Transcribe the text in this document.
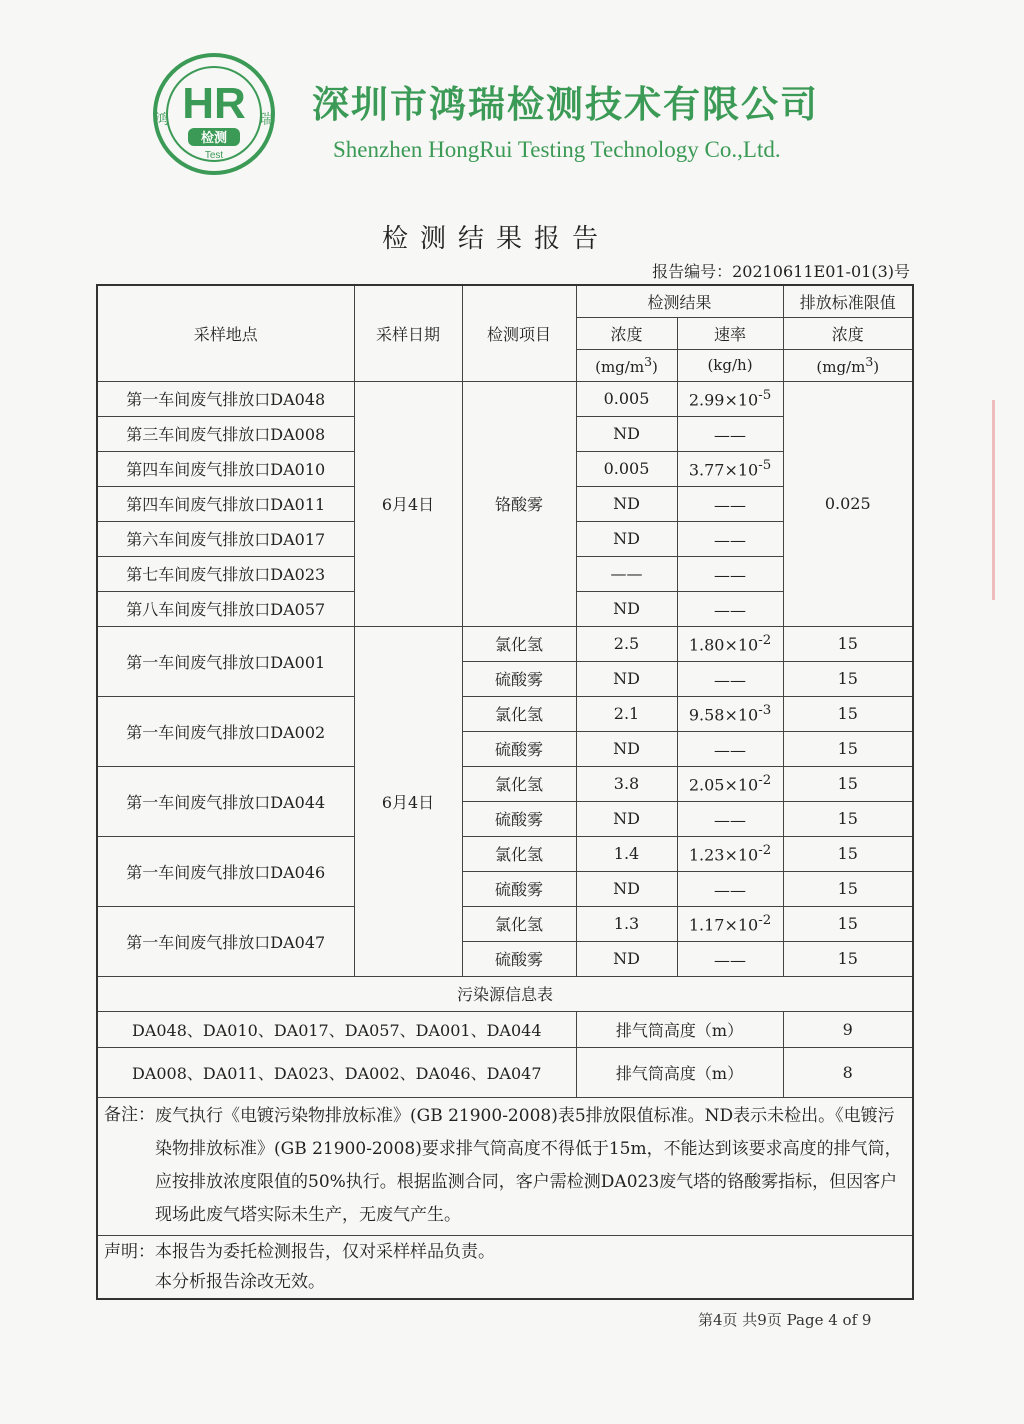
HR
检测
Test
鸿	瑞 深圳市鸿瑞检测技术有限公司
Shenzhen HongRui Testing Technology Co.,Ltd.
检测结果报告
报告编号：20210611E01-01(3)号
采样地点	采样日期	检测项目	检测结果		排放标准限值
			浓度	速率	浓度
			$(mg/m^3)$	(kg/h)	$(mg/m^3)$
第一车间废气排放口DA048	6月4日	铬酸雾	0.005	$2.99\times 10^{-5}$	0.025
第三车间废气排放口DA008			ND	——	
第四车间废气排放口DA010			0.005	$3.77\times 10^{-5}$
第四车间废气排放口DA011			ND	——	
第六车间废气排放口DA017			ND	——	
第七车间废气排放口DA023			——	——	
第八车间废气排放口DA057			ND	——	
第一车间废气排放口DA001	6月4日	氯化氢	2.5	$1.80\times 10^{-2}$	15
		硫酸雾	ND	——	15
第一车间废气排放口DA002		氯化氢	2.1	$9.58\times 10^{-3}$	15
		硫酸雾	ND	——	15
第一车间废气排放口DA044		氯化氢	3.8	$2.05\times 10^{-2}$	15
		硫酸雾	ND	——	15
第一车间废气排放口DA046		氯化氢	1.4	$1.23\times 10^{-2}$	15
		硫酸雾	ND	——	15
第一车间废气排放口DA047		氯化氢	1.3	$1.17\times 10^{-2}$	15
		硫酸雾	ND	——	15
污染源信息表					
DA048、DA010、DA017、DA057、DA001、DA044			排气筒高度（m）		9
DA008、DA011、DA023、DA002、DA046、DA047			排气筒高度（m）		8

备注： 废气执行《电镀污染物排放标准》(GB 21900-2008)表5排放限值标准。ND表示未检出。《电镀污染物排放标准》(GB 21900-2008)要求排气筒高度不得低于15m，不能达到该要求高度的排气筒，应按排放浓度限值的50%执行。根据监测合同，客户需检测DA023废气塔的铬酸雾指标，但因客户现场此废气塔实际未生产，无废气产生。					

声明： 本报告为委托检测报告，仅对采样样品负责。
本分析报告涂改无效。					
第4页 共9页 Page 4 of 9
